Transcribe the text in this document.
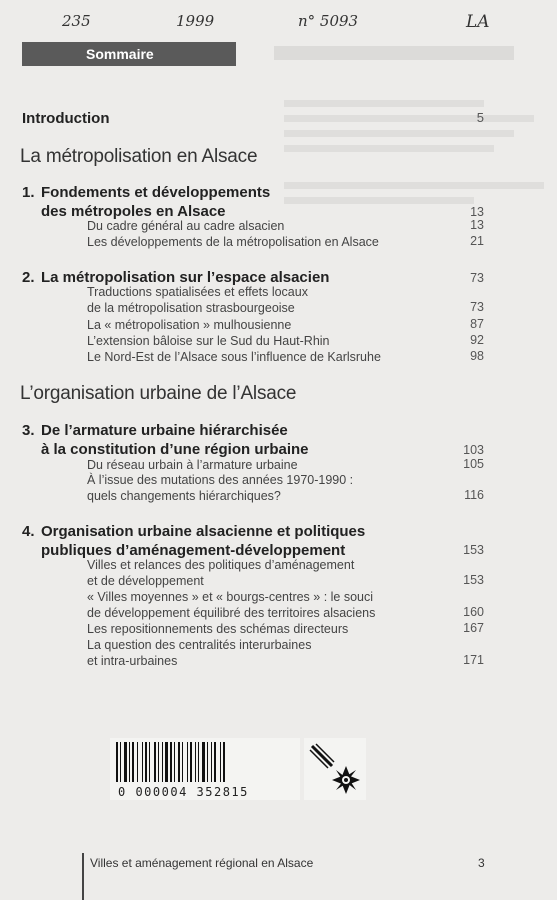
235	1999	n° 5093	LA
Sommaire
Introduction	5
La métropolisation en Alsace
1. Fondements et développements
des métropoles en Alsace	13
Du cadre général au cadre alsacien	13
Les développements de la métropolisation en Alsace	21
2. La métropolisation sur l’espace alsacien	73
Traductions spatialisées et effets locaux
de la métropolisation strasbourgeoise	73
La « métropolisation » mulhousienne	87
L’extension bâloise sur le Sud du Haut-Rhin	92
Le Nord-Est de l’Alsace sous l’influence de Karlsruhe	98
L’organisation urbaine de l’Alsace
3. De l’armature urbaine hiérarchisée
à la constitution d’une région urbaine	103
Du réseau urbain à l’armature urbaine	105
À l’issue des mutations des années 1970-1990 :
quels changements hiérarchiques?	116
4. Organisation urbaine alsacienne et politiques
publiques d’aménagement-développement	153
Villes et relances des politiques d’aménagement
et de développement	153
« Villes moyennes » et « bourgs-centres » : le souci
de développement équilibré des territoires alsaciens	160
Les repositionnements des schémas directeurs	167
La question des centralités interurbaines
et intra-urbaines	171
0 000004 352815
Villes et aménagement régional en Alsace	3
